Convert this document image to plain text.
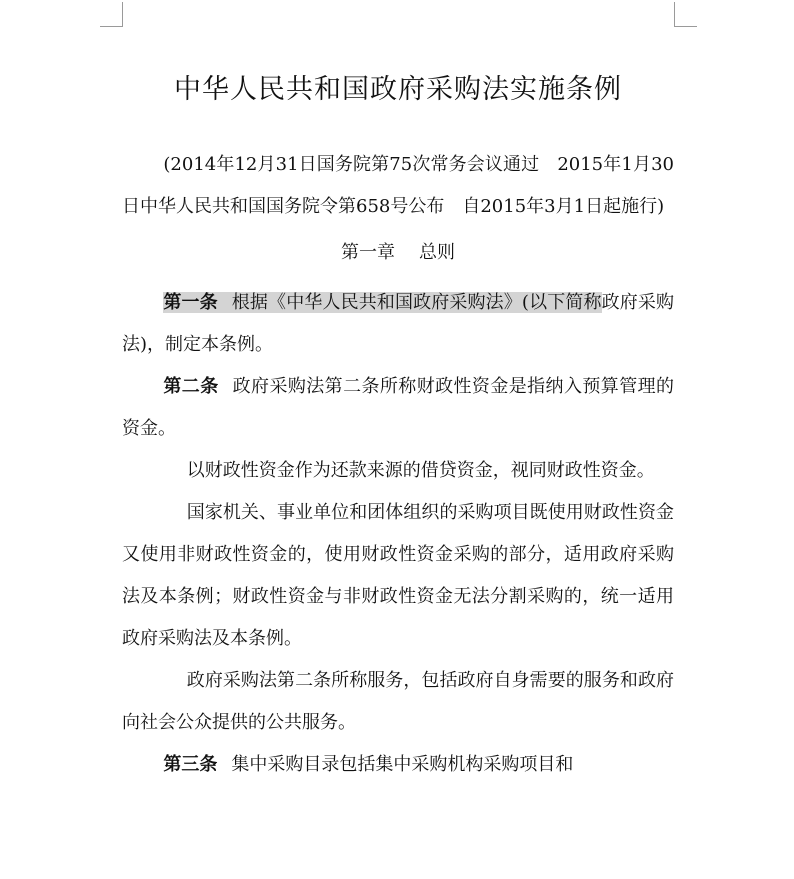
中华人民共和国政府采购法实施条例

(2014年12月31日国务院第75次常务会议通过　2015年1月30日中华人民共和国国务院令第658号公布　自2015年3月1日起施行)

第一章 总则

第一条 根据《中华人民共和国政府采购法》(以下简称政府采购法)，制定本条例。

第二条 政府采购法第二条所称财政性资金是指纳入预算管理的资金。

以财政性资金作为还款来源的借贷资金，视同财政性资金。

国家机关、事业单位和团体组织的采购项目既使用财政性资金又使用非财政性资金的，使用财政性资金采购的部分，适用政府采购法及本条例；财政性资金与非财政性资金无法分割采购的，统一适用政府采购法及本条例。

政府采购法第二条所称服务，包括政府自身需要的服务和政府向社会公众提供的公共服务。

第三条 集中采购目录包括集中采购机构采购项目和
